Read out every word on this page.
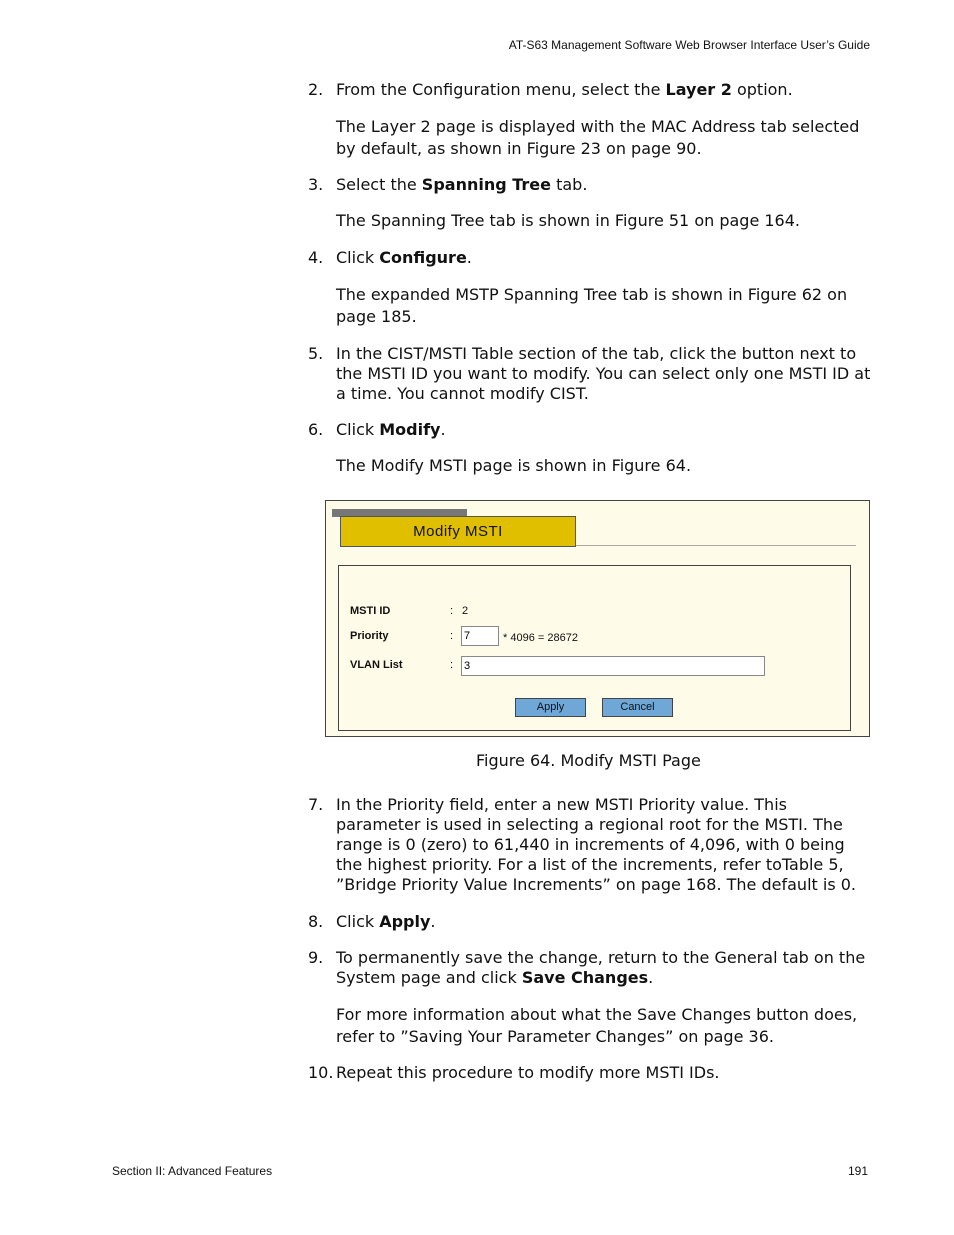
AT-S63 Management Software Web Browser Interface User’s Guide
2. From the Configuration menu, select the Layer 2 option.
The Layer 2 page is displayed with the MAC Address tab selected by default, as shown in Figure 23 on page 90.
3. Select the Spanning Tree tab.
The Spanning Tree tab is shown in Figure 51 on page 164.
4. Click Configure.
The expanded MSTP Spanning Tree tab is shown in Figure 62 on page 185.
5. In the CIST/MSTI Table section of the tab, click the button next to the MSTI ID you want to modify. You can select only one MSTI ID at a time. You cannot modify CIST.
6. Click Modify.
The Modify MSTI page is shown in Figure 64.
Modify MSTI
MSTI ID	: 2
Priority	:
7	* 4096 = 28672
VLAN List	:
3
Apply	Cancel
Figure 64. Modify MSTI Page
7. In the Priority field, enter a new MSTI Priority value. This parameter is used in selecting a regional root for the MSTI. The range is 0 (zero) to 61,440 in increments of 4,096, with 0 being the highest priority. For a list of the increments, refer toTable 5, ”Bridge Priority Value Increments” on page 168. The default is 0.
8. Click Apply.
9. To permanently save the change, return to the General tab on the System page and click Save Changes.
For more information about what the Save Changes button does, refer to ”Saving Your Parameter Changes” on page 36.
10. Repeat this procedure to modify more MSTI IDs.
Section II: Advanced Features	191
